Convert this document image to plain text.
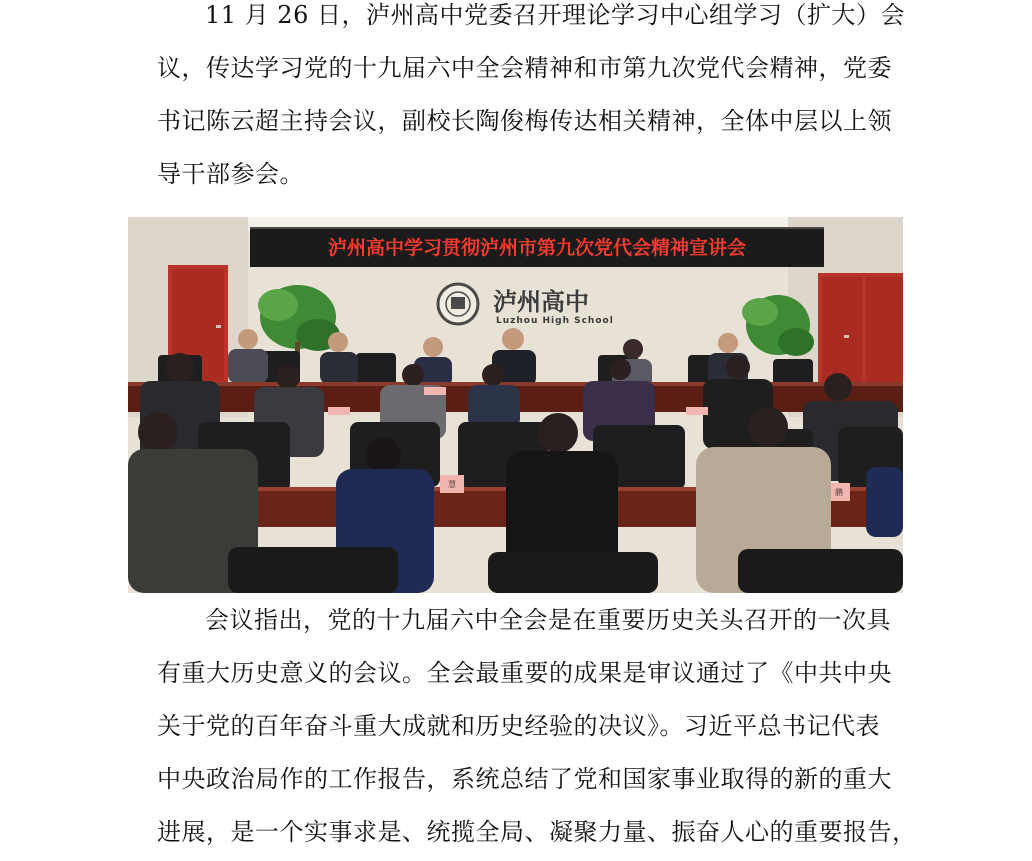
11 月 26 日，泸州高中党委召开理论学习中心组学习（扩大）会
议，传达学习党的十九届六中全会精神和市第九次党代会精神，党委
书记陈云超主持会议，副校长陶俊梅传达相关精神，全体中层以上领
导干部参会。
泸州高中学习贯彻泸州市第九次党代会精神宣讲会
泸州高中
Luzhou High School
鹏
慧
会议指出，党的十九届六中全会是在重要历史关头召开的一次具
有重大历史意义的会议。全会最重要的成果是审议通过了《中共中央
关于党的百年奋斗重大成就和历史经验的决议》。习近平总书记代表
中央政治局作的工作报告，系统总结了党和国家事业取得的新的重大
进展，是一个实事求是、统揽全局、凝聚力量、振奋人心的重要报告，
